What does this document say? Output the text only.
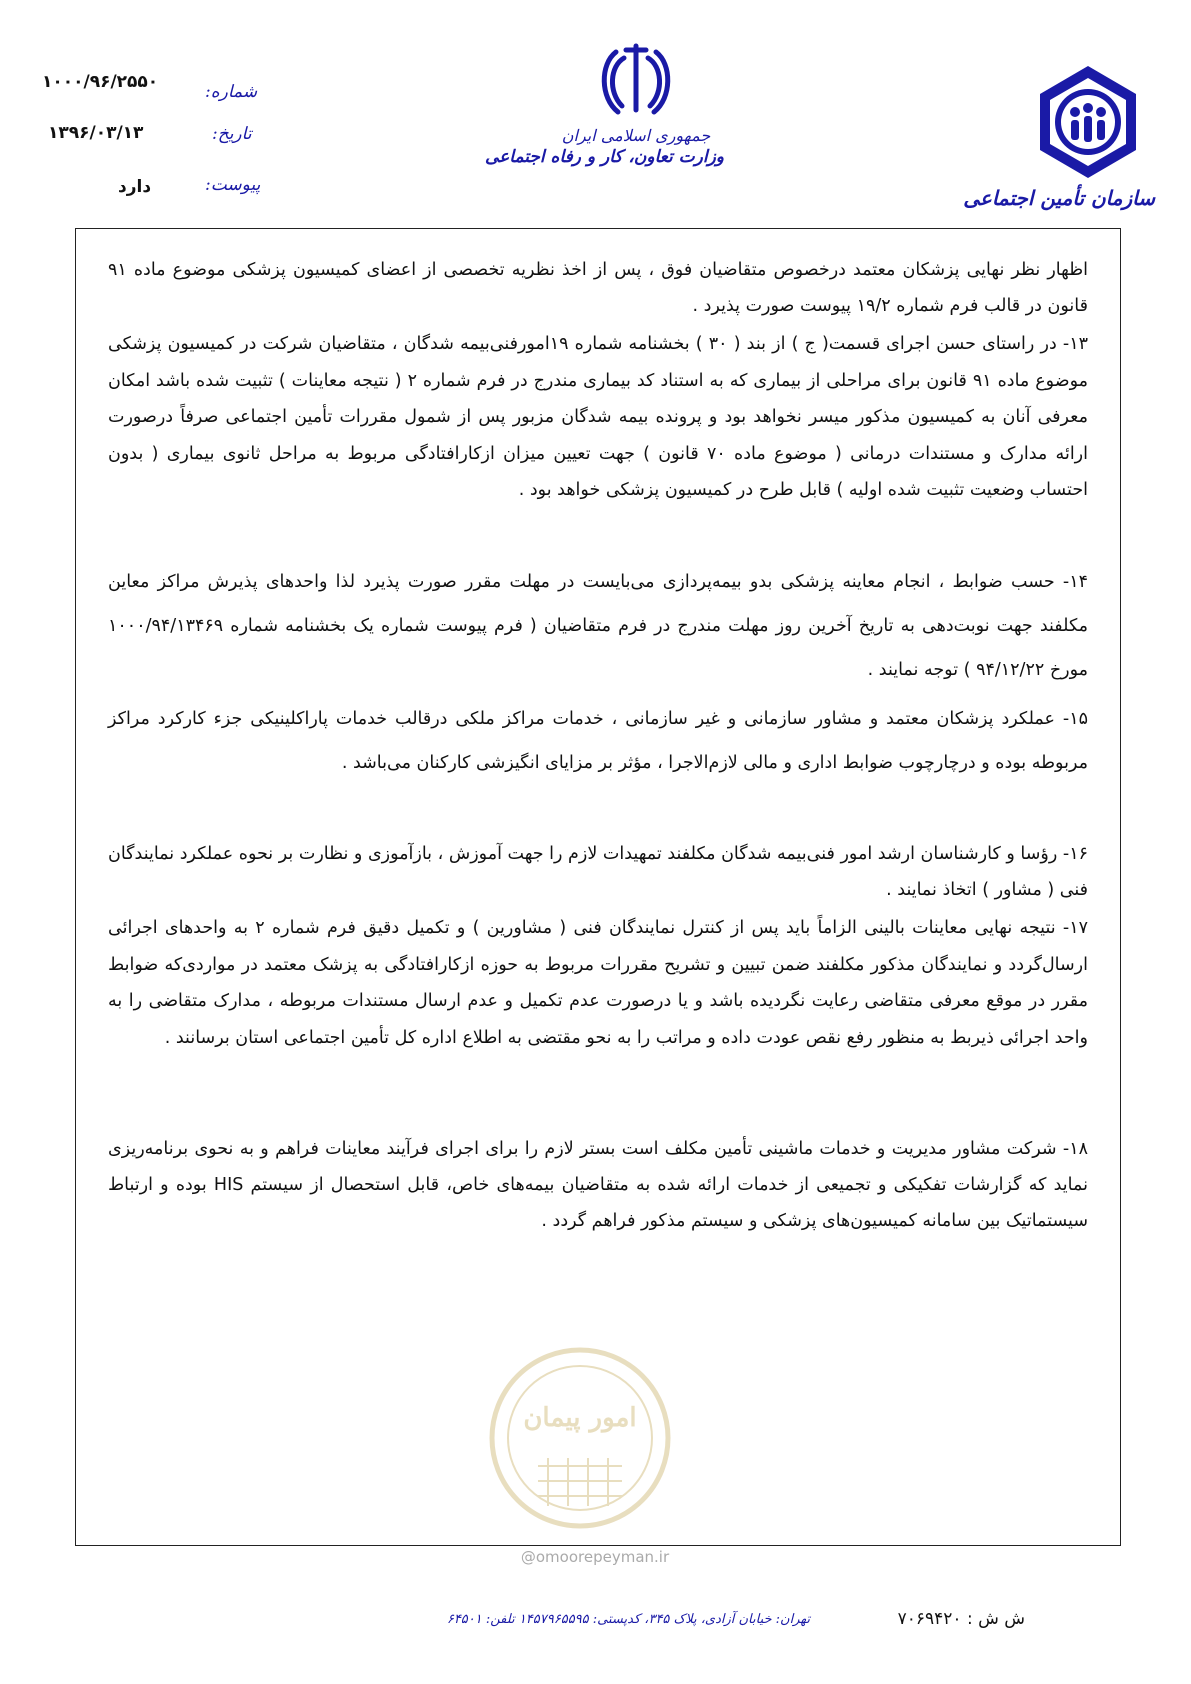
سازمان تأمین اجتماعی
جمهوری اسلامی ایران
وزارت تعاون، کار و رفاه اجتماعی
شماره:
۱۰۰۰/۹۶/۲۵۵۰
تاریخ:
۱۳۹۶/۰۳/۱۳
پیوست:
دارد
اظهار نظر نهایی پزشکان معتمد درخصوص متقاضیان فوق ، پس از اخذ نظریه تخصصی از اعضای کمیسیون پزشکی موضوع ماده ۹۱ قانون در قالب فرم شماره ۱۹/۲ پیوست صورت پذیرد .
۱۳- در راستای حسن اجرای قسمت( ج ) از بند ( ۳۰ ) بخشنامه شماره ۱۹امورفنی‌بیمه شدگان ، متقاضیان شرکت در کمیسیون پزشکی موضوع ماده ۹۱ قانون برای مراحلی از بیماری که به استناد کد بیماری مندرج در فرم شماره ۲ ( نتیجه معاینات ) تثبیت شده باشد امکان معرفی آنان به کمیسیون مذکور میسر نخواهد بود و پرونده بیمه شدگان مزبور پس از شمول مقررات تأمین اجتماعی صرفاً درصورت ارائه مدارک و مستندات درمانی ( موضوع ماده ۷۰ قانون ) جهت تعیین میزان ازکارافتادگی مربوط به مراحل ثانوی بیماری ( بدون احتساب وضعیت تثبیت شده اولیه ) قابل طرح در کمیسیون پزشکی خواهد بود .
۱۴- حسب ضوابط ، انجام معاینه پزشکی بدو بیمه‌پردازی می‌بایست در مهلت مقرر صورت پذیرد لذا واحدهای پذیرش مراکز معاین مکلفند جهت نوبت‌دهی به تاریخ آخرین روز مهلت مندرج در فرم متقاضیان ( فرم پیوست شماره یک بخشنامه شماره ۱۰۰۰/۹۴/۱۳۴۶۹ مورخ ۹۴/۱۲/۲۲ ) توجه نمایند .
۱۵- عملکرد پزشکان معتمد و مشاور سازمانی و غیر سازمانی ، خدمات مراکز ملکی درقالب خدمات پاراکلینیکی جزء کارکرد مراکز مربوطه بوده و درچارچوب ضوابط اداری و مالی لازم‌الاجرا ، مؤثر بر مزایای انگیزشی کارکنان می‌باشد .
۱۶- رؤسا و کارشناسان ارشد امور فنی‌بیمه شدگان مکلفند تمهیدات لازم را جهت آموزش ، بازآموزی و نظارت بر نحوه عملکرد نمایندگان فنی ( مشاور ) اتخاذ نمایند .
۱۷- نتیجه نهایی معاینات بالینی الزاماً باید پس از کنترل نمایندگان فنی ( مشاورین ) و تکمیل دقیق فرم شماره ۲ به واحدهای اجرائی ارسال‌گردد و نمایندگان مذکور مکلفند ضمن تبیین و تشریح مقررات مربوط به حوزه ازکارافتادگی به پزشک معتمد در مواردی‌که ضوابط مقرر در موقع معرفی متقاضی رعایت نگردیده باشد و یا درصورت عدم تکمیل و عدم ارسال مستندات مربوطه ، مدارک متقاضی را به واحد اجرائی ذیربط به منظور رفع نقص عودت داده و مراتب را به نحو مقتضی به اطلاع اداره کل تأمین اجتماعی استان برسانند .
۱۸- شرکت مشاور مدیریت و خدمات ماشینی تأمین مکلف است بستر لازم را برای اجرای فرآیند معاینات فراهم و به نحوی برنامه‌ریزی نماید که گزارشات تفکیکی و تجمیعی از خدمات ارائه شده به متقاضیان بیمه‌های خاص، قابل استحصال از سیستم HIS بوده و ارتباط سیستماتیک بین سامانه کمیسیون‌های پزشکی و سیستم مذکور فراهم گردد .
امور پیمان
@omoorepeyman.ir
تهران: خیابان آزادی، پلاک ۳۴۵، کدپستی: ۱۴۵۷۹۶۵۵۹۵ تلفن: ۶۴۵۰۱	ش ش : ۷۰۶۹۴۲۰
